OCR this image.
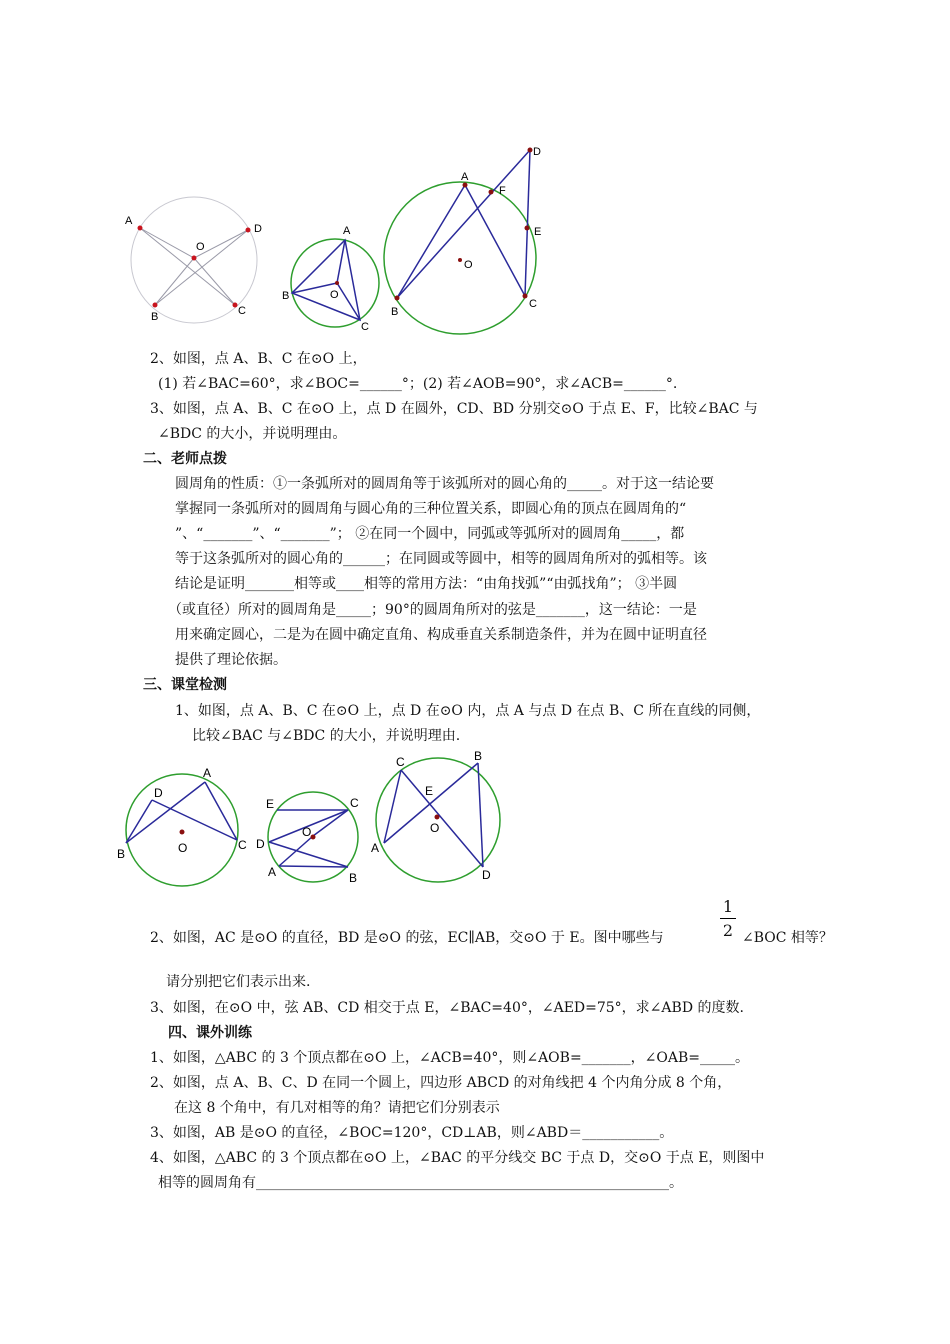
A
D
O
B	C
A
B	O
C
D
A
F
E
O
B
C
A
D
B	O	C
E	C
D
O
A	B
C	B
E
O
A
D
2、如图，点 A、B、C 在⊙O 上，
(1) 若∠BAC=60°，求∠BOC=______°；(2) 若∠AOB=90°，求∠ACB=______°.
3、如图，点 A、B、C 在⊙O 上，点 D 在圆外，CD、BD 分别交⊙O 于点 E、F，比较∠BAC 与
∠BDC 的大小，并说明理由。
二、老师点拨
圆周角的性质：①一条弧所对的圆周角等于该弧所对的圆心角的_____。对于这一结论要
掌握同一条弧所对的圆周角与圆心角的三种位置关系，即圆心角的顶点在圆周角的“
”、“_______”、“_______”； ②在同一个圆中，同弧或等弧所对的圆周角_____，都
等于这条弧所对的圆心角的______；在同圆或等圆中，相等的圆周角所对的弧相等。该
结论是证明_______相等或____相等的常用方法：“由角找弧”“由弧找角”； ③半圆
（或直径）所对的圆周角是_____；90°的圆周角所对的弦是_______，这一结论：一是
用来确定圆心，二是为在圆中确定直角、构成垂直关系制造条件，并为在圆中证明直径
提供了理论依据。
三、课堂检测
1、如图，点 A、B、C 在⊙O 上，点 D 在⊙O 内，点 A 与点 D 在点 B、C 所在直线的同侧，
比较∠BAC 与∠BDC 的大小，并说明理由.
2、如图，AC 是⊙O 的直径，BD 是⊙O 的弦，EC∥AB，交⊙O 于 E。图中哪些与
1
2 ∠BOC 相等？
请分别把它们表示出来.
3、如图，在⊙O 中，弦 AB、CD 相交于点 E，∠BAC=40°，∠AED=75°，求∠ABD 的度数.
四、课外训练
1、如图，△ABC 的 3 个顶点都在⊙O 上，∠ACB=40°，则∠AOB=_______，∠OAB=_____。
2、如图，点 A、B、C、D 在同一个圆上，四边形 ABCD 的对角线把 4 个内角分成 8 个角，
在这 8 个角中，有几对相等的角？请把它们分别表示
3、如图，AB 是⊙O 的直径，∠BOC=120°，CD⊥AB，则∠ABD＝___________。
4、如图，△ABC 的 3 个顶点都在⊙O 上，∠BAC 的平分线交 BC 于点 D，交⊙O 于点 E，则图中
相等的圆周角有___________________________________________________________。
